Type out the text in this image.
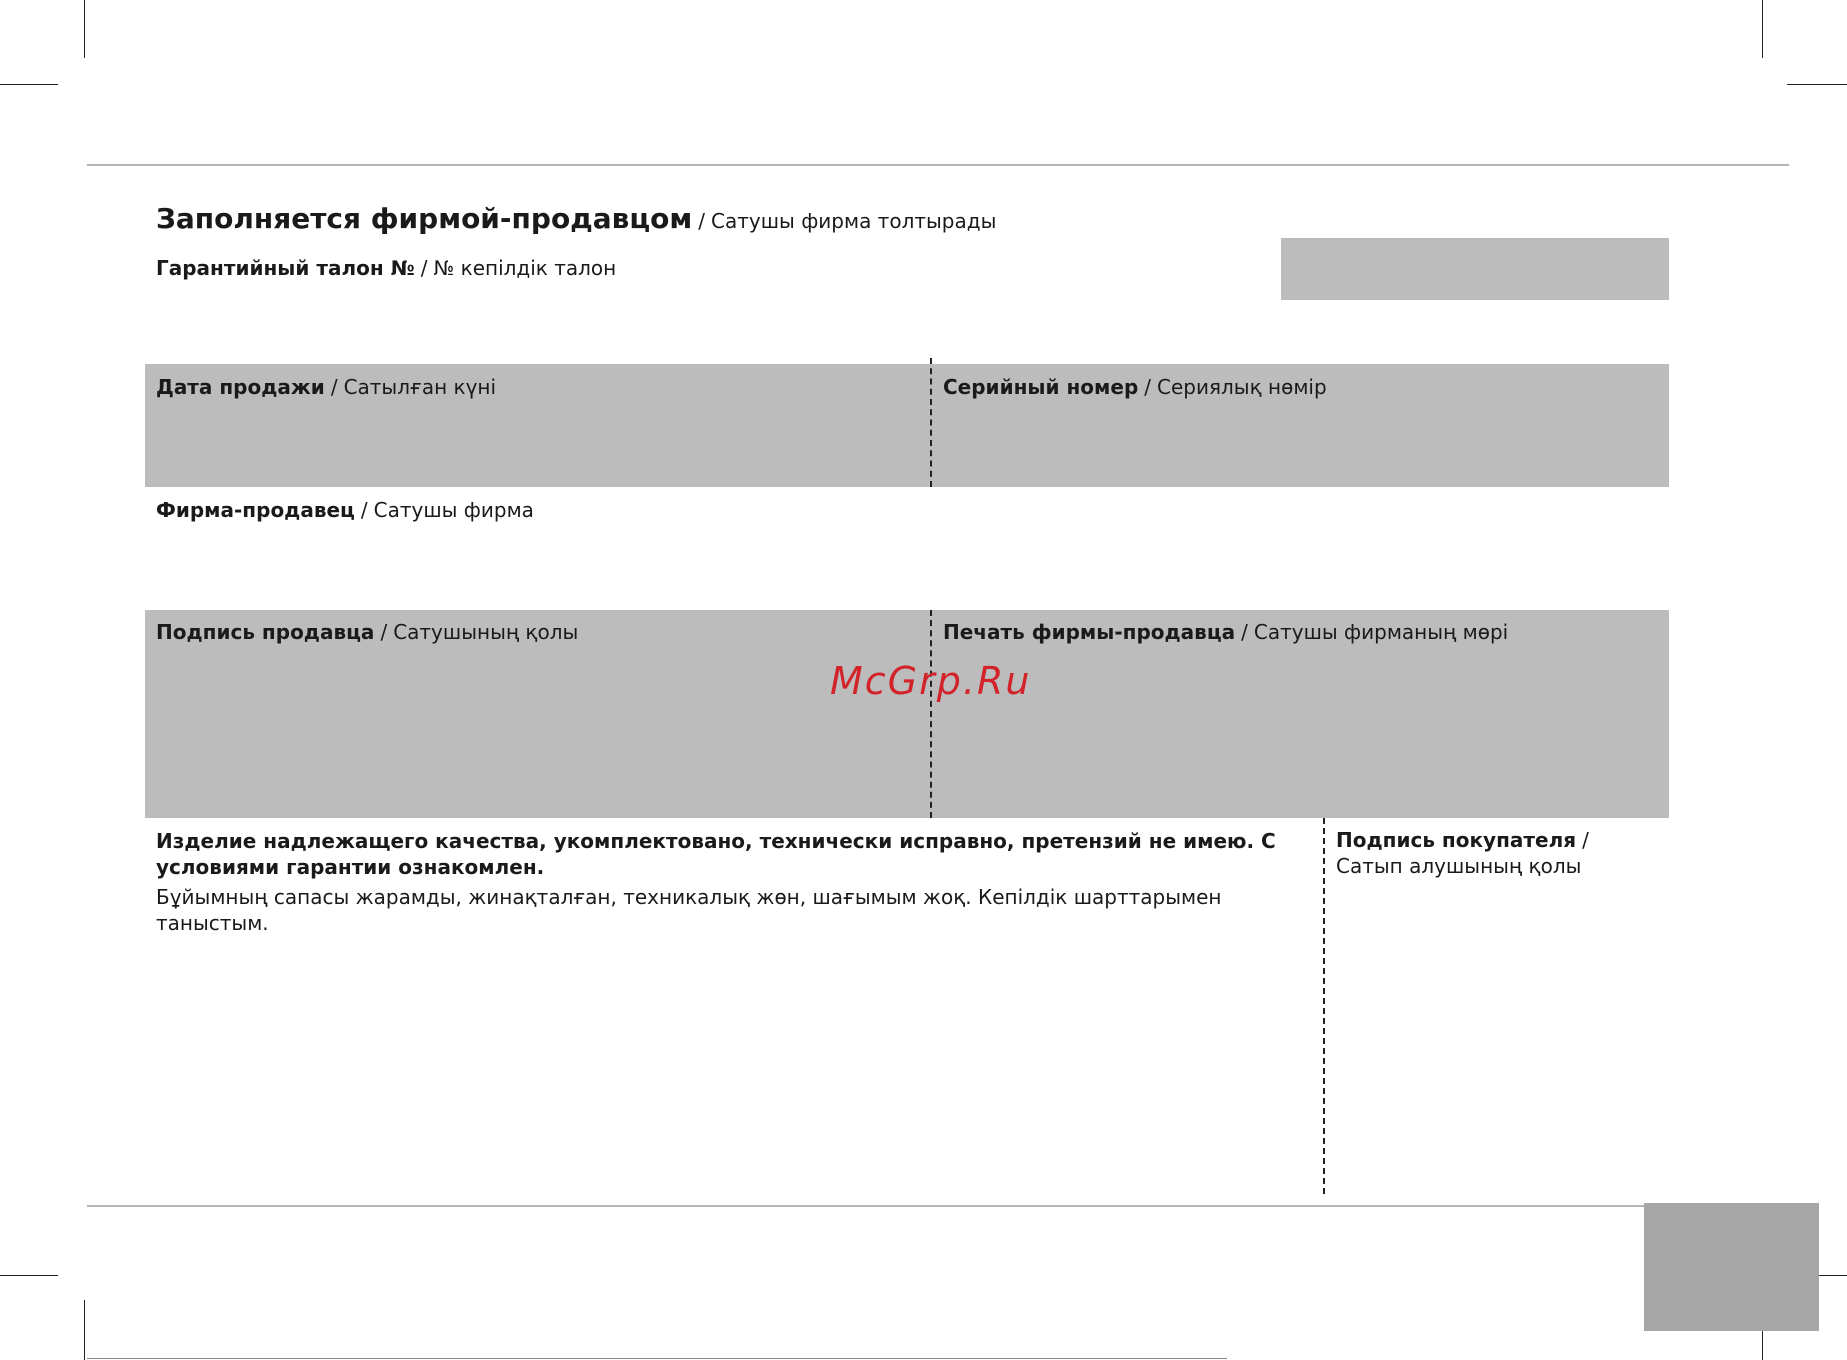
Заполняется фирмой-продавцом / Сатушы фирма толтырады
Гарантийный талон № / № кепілдік талон
Дата продажи / Сатылған күні	Серийный номер / Сериялық нөмір
Фирма-продавец / Сатушы фирма
Подпись продавца / Сатушының қолы	Печать фирмы-продавца / Сатушы фирманың мөрі
McGrp.Ru
Изделие надлежащего качества, укомплектовано, технически исправно, претензий не имею. С условиями гарантии ознакомлен.
Бұйымның сапасы жарамды, жинақталған, техникалық жөн, шағымым жоқ. Кепілдік шарттарымен таныстым.
Подпись покупателя /Сатып алушының қолы
